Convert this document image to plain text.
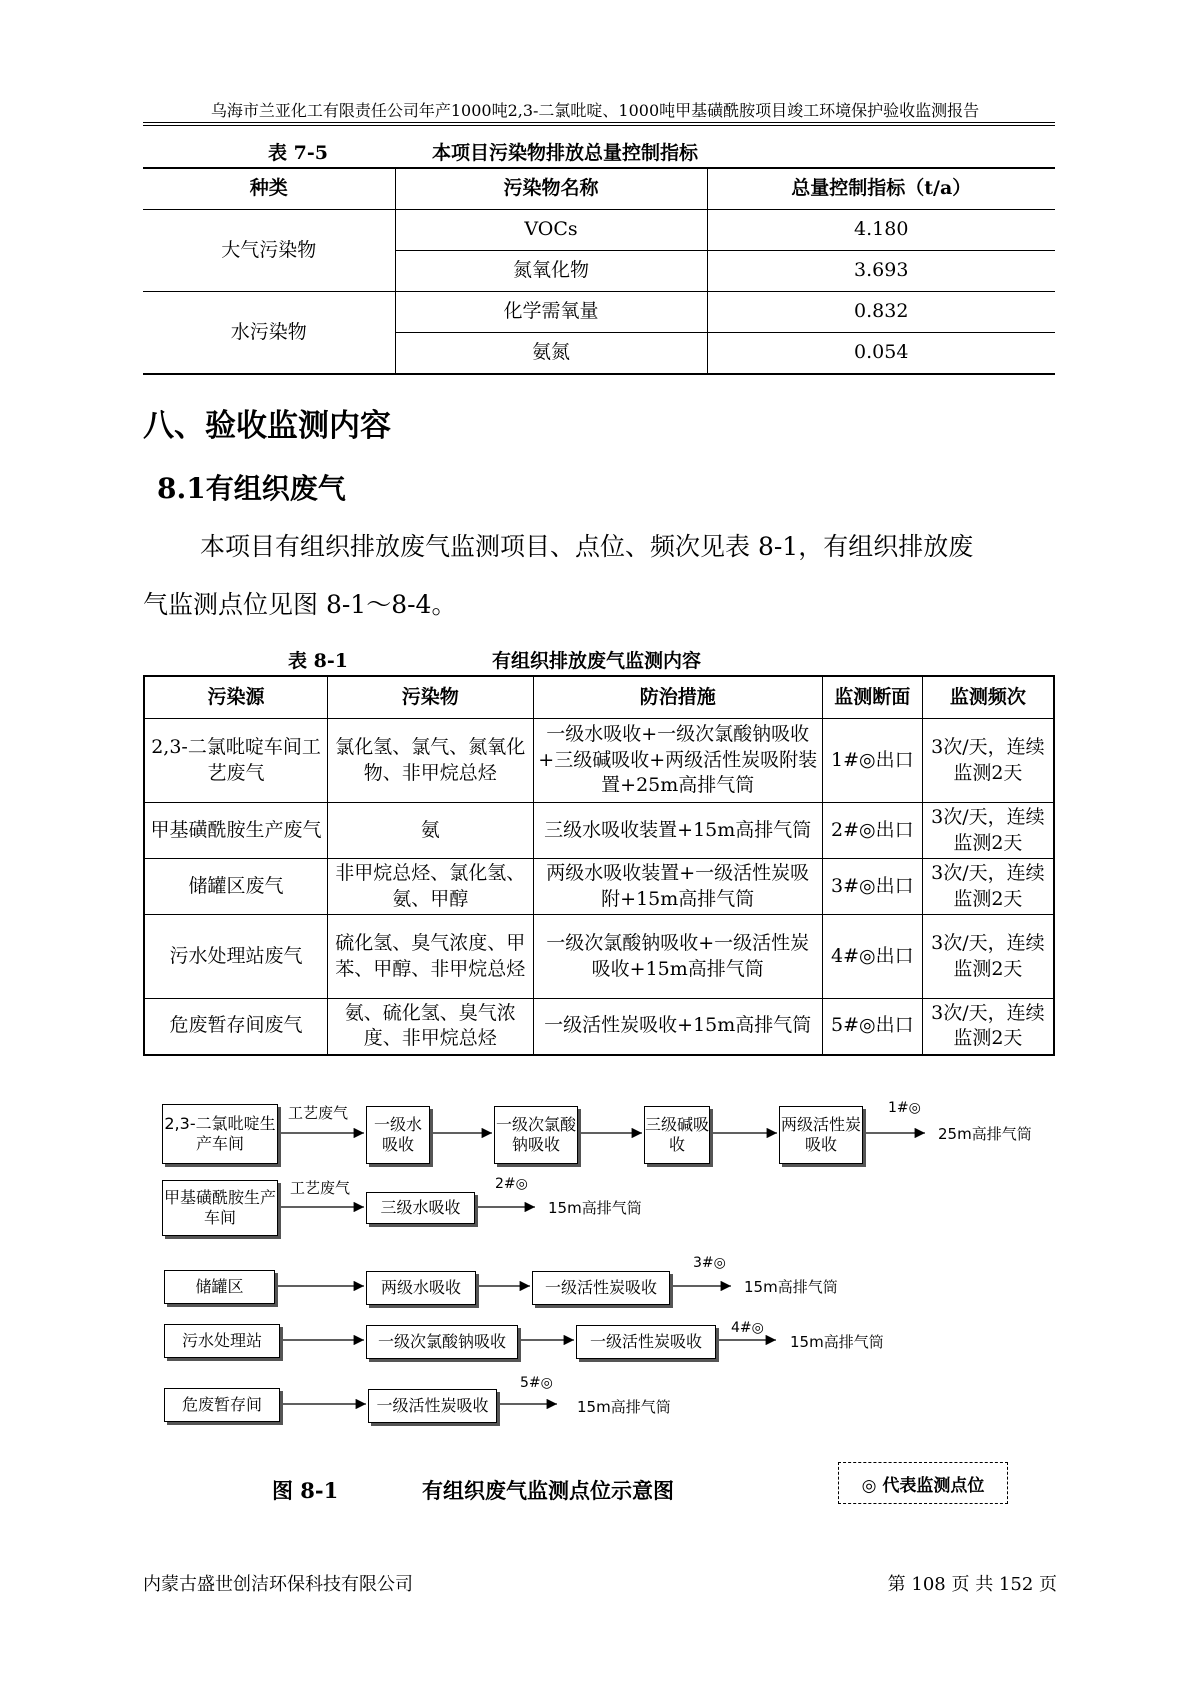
乌海市兰亚化工有限责任公司年产1000吨2,3-二氯吡啶、1000吨甲基磺酰胺项目竣工环境保护验收监测报告
表 7-5	本项目污染物排放总量控制指标
种类	污染物名称	总量控制指标（t/a）
大气污染物	VOCs	4.180
	氮氧化物	3.693
水污染物	化学需氧量	0.832
	氨氮	0.054
八、验收监测内容
8.1有组织废气

本项目有组织排放废气监测项目、点位、频次见表 8-1，有组织排放废

气监测点位见图 8-1～8-4。

表 8-1	有组织排放废气监测内容
污染源	污染物	防治措施	监测断面	监测频次
2,3-二氯吡啶车间工艺废气	氯化氢、氯气、氮氧化物、非甲烷总烃	一级水吸收+一级次氯酸钠吸收+三级碱吸收+两级活性炭吸附装置+25m高排气筒	1#◎出口	3次/天，连续监测2天
甲基磺酰胺生产废气	氨	三级水吸收装置+15m高排气筒	2#◎出口	3次/天，连续监测2天
储罐区废气	非甲烷总烃、氯化氢、氨、甲醇	两级水吸收装置+一级活性炭吸附+15m高排气筒	3#◎出口	3次/天，连续监测2天
污水处理站废气	硫化氢、臭气浓度、甲苯、甲醇、非甲烷总烃	一级次氯酸钠吸收+一级活性炭吸收+15m高排气筒	4#◎出口	3次/天，连续监测2天
危废暂存间废气	氨、硫化氢、臭气浓度、非甲烷总烃	一级活性炭吸收+15m高排气筒	5#◎出口	3次/天，连续监测2天
2,3-二氯吡啶生产车间
工艺废气
一级水吸收
一级次氯酸钠吸收
三级碱吸收
两级活性炭吸收
1#◎
25m高排气筒
甲基磺酰胺生产车间
工艺废气
三级水吸收
2#◎
15m高排气筒
储罐区	两级水吸收	一级活性炭吸收
3#◎
15m高排气筒
污水处理站	一级次氯酸钠吸收	一级活性炭吸收
4#◎
15m高排气筒
危废暂存间	一级活性炭吸收
5#◎
15m高排气筒
图 8-1	有组织废气监测点位示意图	◎ 代表监测点位
内蒙古盛世创洁环保科技有限公司	第 108 页 共 152 页
